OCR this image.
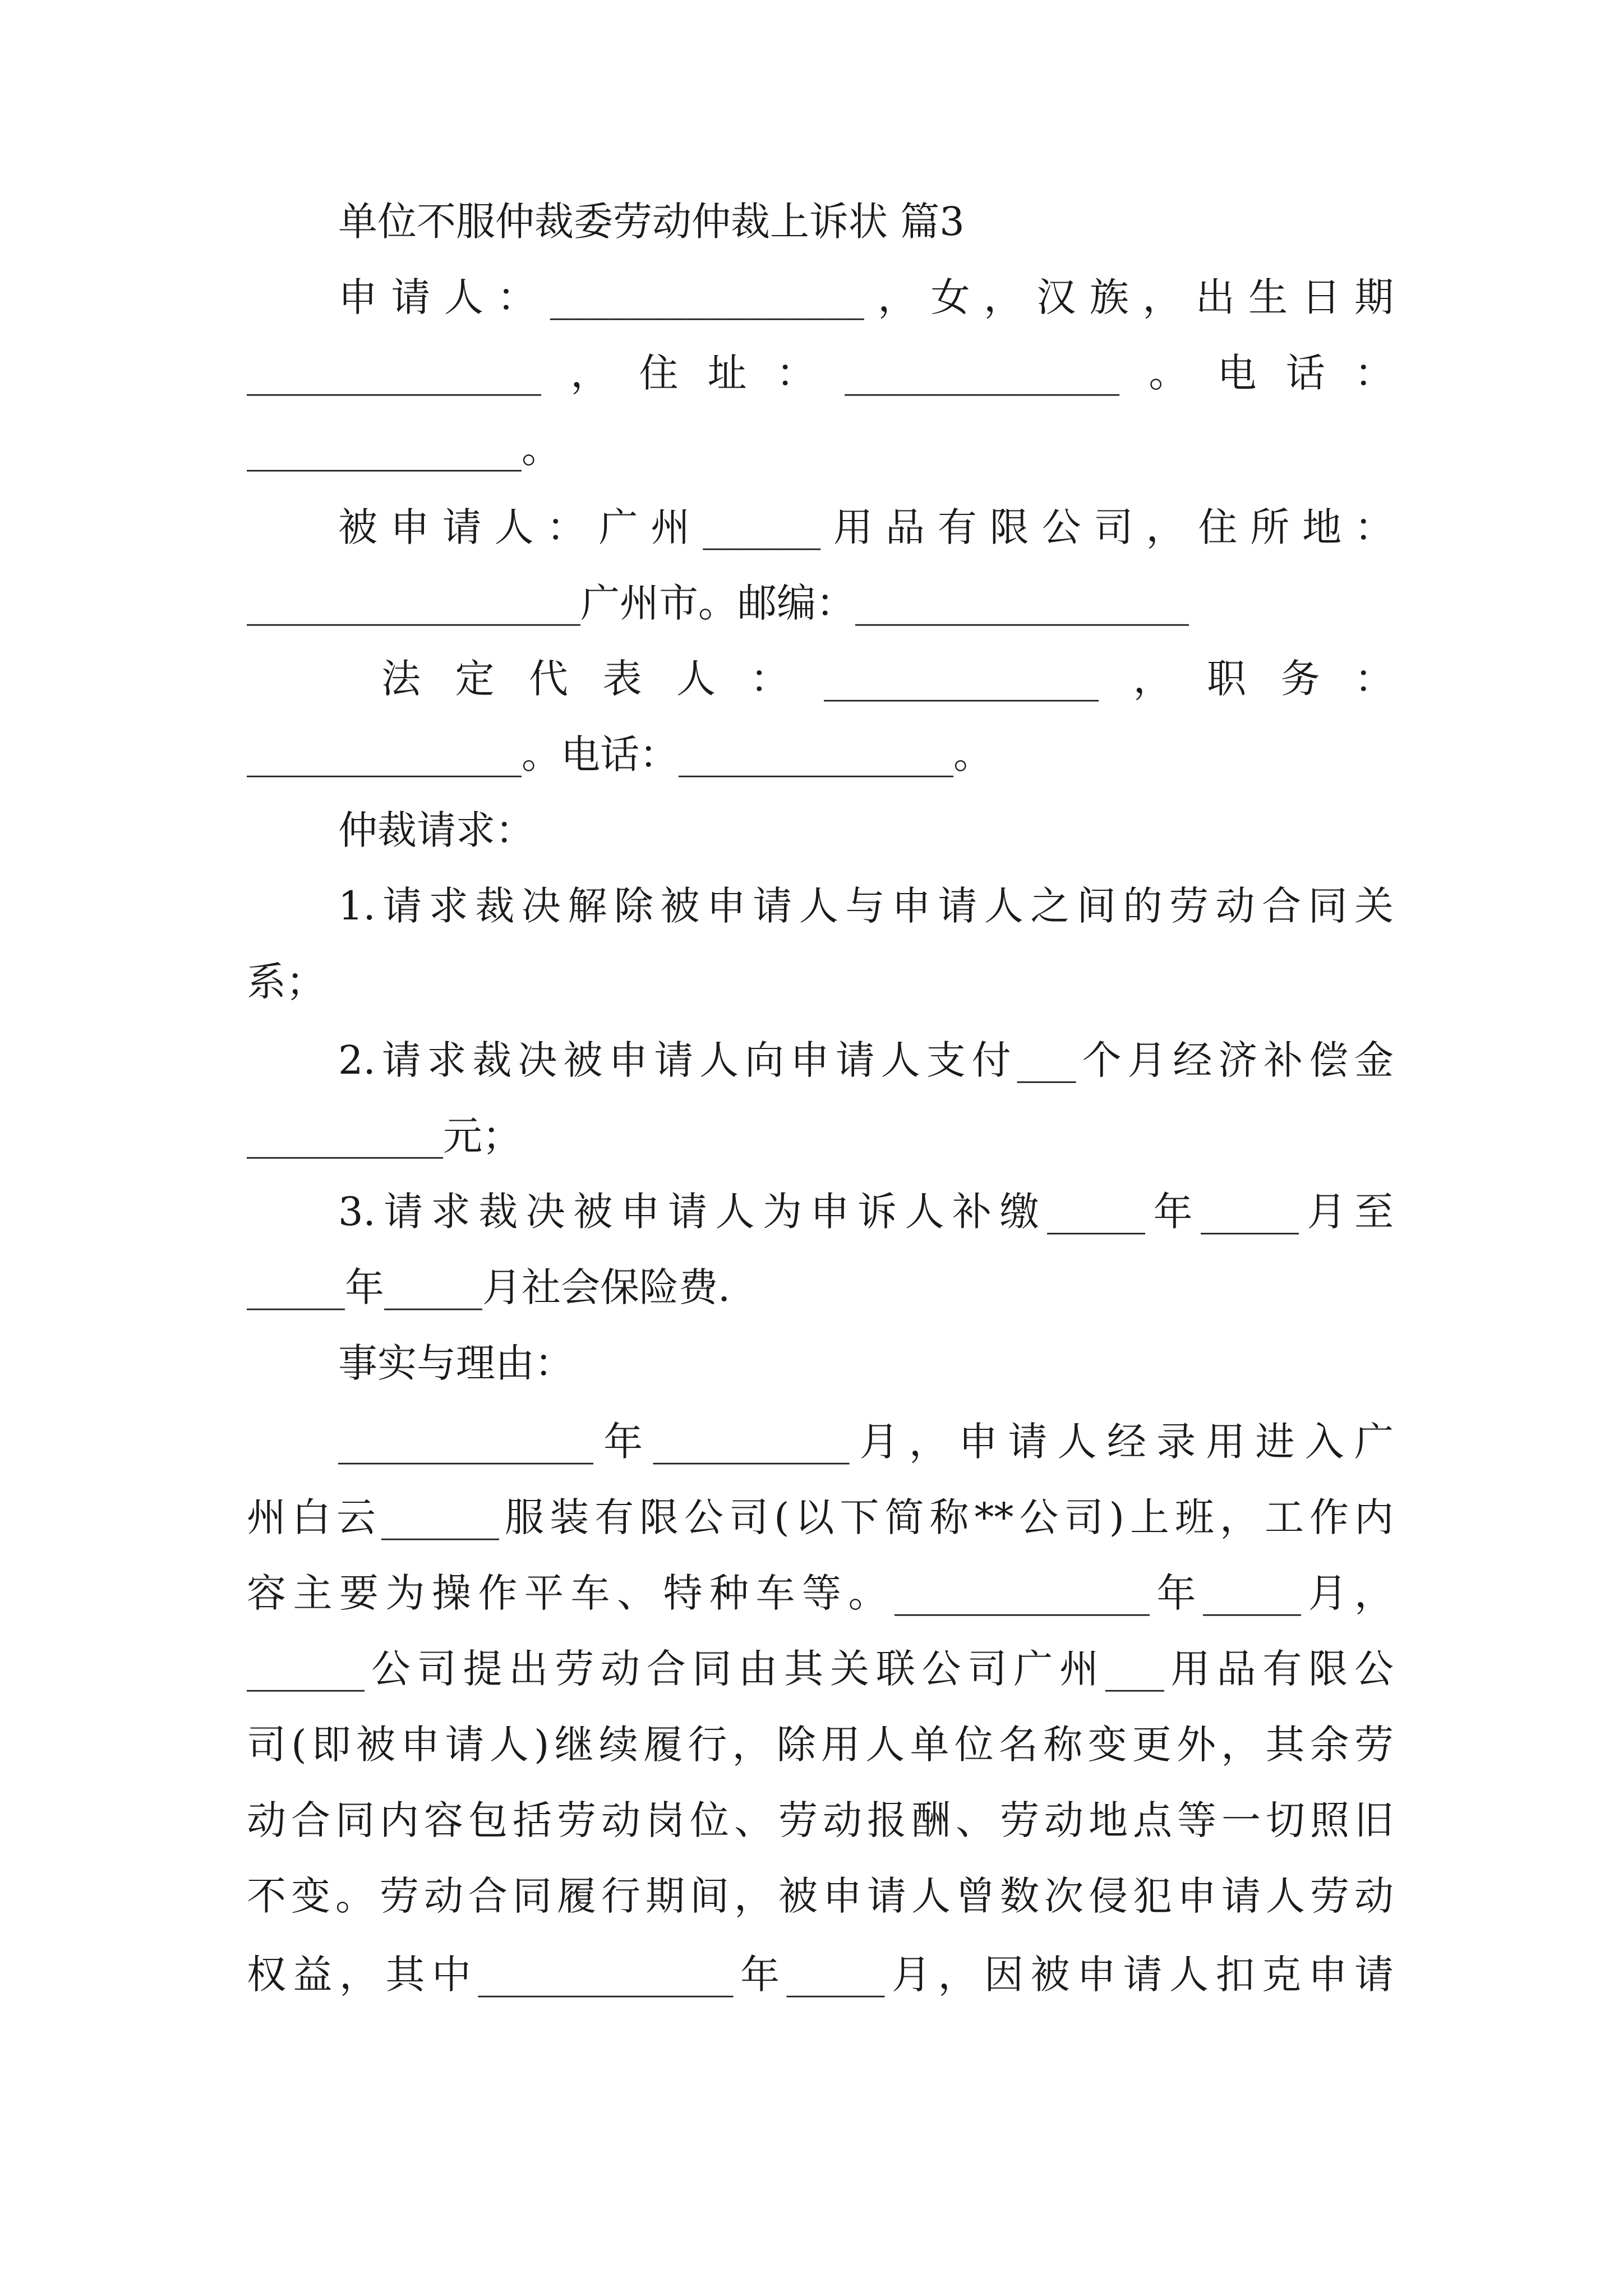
单位不服仲裁委劳动仲裁上诉状 篇3
申请人：________________，女，汉族，出生日期
_______________，住址：______________。电话：
______________。
被申请人：广州______用品有限公司，住所地：
_________________广州市。邮编：_________________
法定代表人：______________，职务：
______________。电话：______________。
仲裁请求：
1.请求裁决解除被申请人与申请人之间的劳动合同关
系；
2.请求裁决被申请人向申请人支付___个月经济补偿金
__________元；
3.请求裁决被申请人为申诉人补缴_____年_____月至
_____年_____月社会保险费.
事实与理由：
_____________年__________月，申请人经录用进入广
州白云______服装有限公司(以下简称**公司)上班，工作内
容主要为操作平车、特种车等。_____________年_____月，
______公司提出劳动合同由其关联公司广州___用品有限公
司(即被申请人)继续履行，除用人单位名称变更外，其余劳
动合同内容包括劳动岗位、劳动报酬、劳动地点等一切照旧
不变。劳动合同履行期间，被申请人曾数次侵犯申请人劳动
权益，其中_____________年_____月，因被申请人扣克申请
